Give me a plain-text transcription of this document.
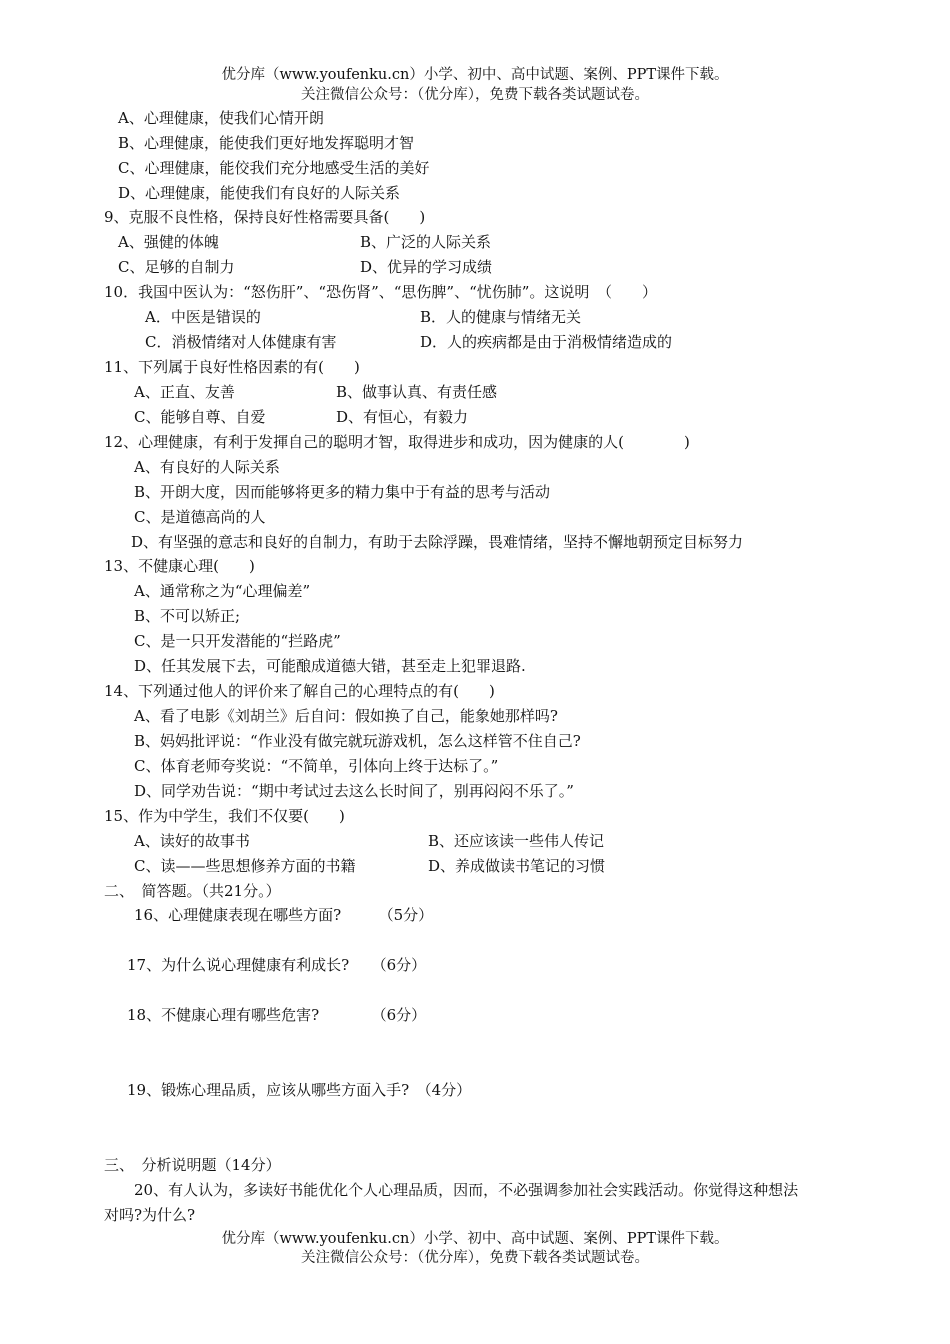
优分库（www.youfenku.cn）小学、初中、高中试题、案例、PPT课件下载。
关注微信公众号：（优分库），免费下载各类试题试卷。
A、心理健康，使我们心情开朗
B、心理健康，能使我们更好地发挥聪明才智
C、心理健康，能佼我们充分地感受生活的美好
D、心理健康，能使我们有良好的人际关系
9、克服不良性格，保持良好性格需要具备(　　)
A、强健的体魄	B、广泛的人际关系
C、足够的自制力	D、优异的学习成绩
10．我国中医认为：“怒伤肝”、“恐伤肾”、“思伤脾”、“忧伤肺”。这说明　（　　）
A．中医是错误的	B．人的健康与情绪无关
C．消极情绪对人体健康有害	D．人的疾病都是由于消极情绪造成的
11、下列属于良好性格因素的有(　　)
A、正直、友善	B、做事认真、有责任感
C、能够自尊、自爱	D、有恒心，有毅力
12、心理健康，有利于发揮自己的聪明才智，取得进步和成功，因为健康的人(　　　　)
A、有良好的人际关系
B、开朗大度，因而能够将更多的精力集中于有益的思考与活动
C、是道德高尚的人
D、有坚强的意志和良好的自制力，有助于去除浮躁，畏难情绪，坚持不懈地朝预定目标努力
13、不健康心理(　　)
A、通常称之为“心理偏差”
B、不可以矫正;
C、是一只开发潜能的“拦路虎”
D、任其发展下去，可能酿成道德大错，甚至走上犯罪退路.
14、下列通过他人的评价来了解自己的心理特点的有(　　)
A、看了电影《刘胡兰》后自问：假如换了自己，能象她那样吗?
B、妈妈批评说：“作业没有做完就玩游戏机，怎么这样管不住自己?
C、体育老师夸奖说：“不简单，引体向上终于达标了。”
D、同学劝告说：“期中考试过去这么长时间了，别再闷闷不乐了。”
15、作为中学生，我们不仅要(　　)
A、读好的故事书	B、还应该读一些伟人传记
C、读——些思想修养方面的书籍	D、养成做读书笔记的习惯
二、　简答题。（共21分。）
16、心理健康表现在哪些方面?　　　（5分）
17、为什么说心理健康有利成长?　　（6分）
18、不健康心理有哪些危害?　　　　（6分）
19、锻炼心理品质，应该从哪些方面入手?　（4分）
三、　分析说明题（14分）
20、有人认为，多读好书能优化个人心理品质，因而，不必强调参加社会实践活动。你觉得这种想法
对吗?为什么?
优分库（www.youfenku.cn）小学、初中、高中试题、案例、PPT课件下载。
关注微信公众号：（优分库），免费下载各类试题试卷。
